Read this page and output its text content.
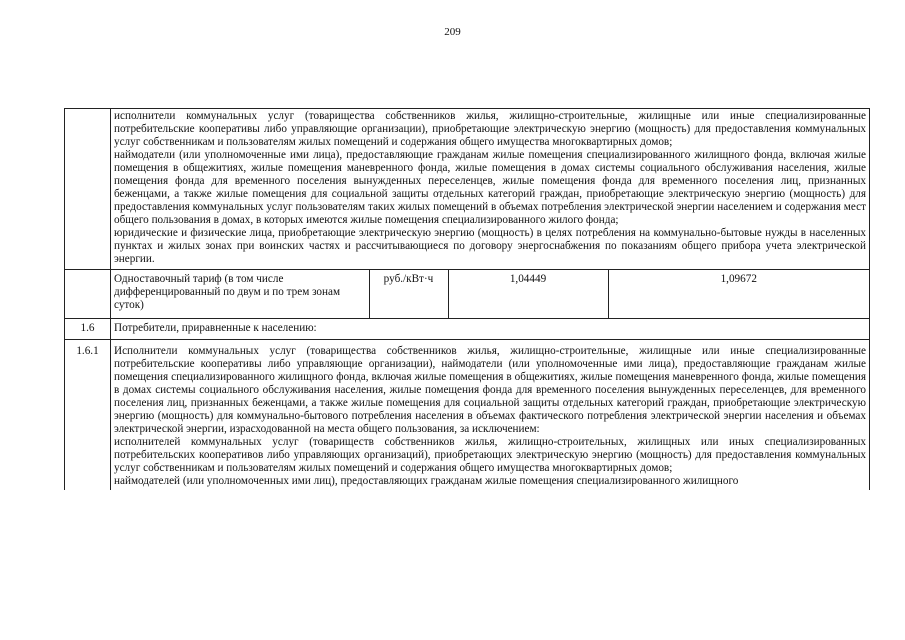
209

исполнители коммунальных услуг (товарищества собственников жилья, жилищно-строительные, жилищные или иные специализированные потребительские кооперативы либо управляющие организации), приобретающие электрическую энергию (мощность) для предоставления коммунальных услуг собственникам и пользователям жилых помещений и содержания общего имущества многоквартирных домов;

наймодатели (или уполномоченные ими лица), предоставляющие гражданам жилые помещения специализированного жилищного фонда, включая жилые помещения в общежитиях, жилые помещения маневренного фонда, жилые помещения в домах системы социального обслуживания населения, жилые помещения фонда для временного поселения вынужденных переселенцев, жилые помещения фонда для временного поселения лиц, признанных беженцами, а также жилые помещения для социальной защиты отдельных категорий граждан, приобретающие электрическую энергию (мощность) для предоставления коммунальных услуг пользователям таких жилых помещений в объемах потребления электрической энергии населением и содержания мест общего пользования в домах, в которых имеются жилые помещения специализированного жилого фонда;

юридические и физические лица, приобретающие электрическую энергию (мощность) в целях потребления на коммунально-бытовые нужды в населенных пунктах и жилых зонах при воинских частях и рассчитывающиеся по договору энергоснабжения по показаниям общего прибора учета электрической энергии.

Одноставочный тариф (в том числе дифференцированный по двум и по трем зонам суток)	руб./кВт·ч	1,04449	1,09672

1.6	Потребители, приравненные к населению:
1.6.1	Исполнители коммунальных услуг (товарищества собственников жилья, жилищно-строительные, жилищные или иные специализированные потребительские кооперативы либо управляющие организации), наймодатели (или уполномоченные ими лица), предоставляющие гражданам жилые помещения специализированного жилищного фонда, включая жилые помещения в общежитиях, жилые помещения маневренного фонда, жилые помещения в домах системы социального обслуживания населения, жилые помещения фонда для временного поселения вынужденных переселенцев, для временного поселения лиц, признанных беженцами, а также жилые помещения для социальной защиты отдельных категорий граждан, приобретающие электрическую энергию (мощность) для коммунально-бытового потребления населения в объемах фактического потребления электрической энергии населения и объемах электрической энергии, израсходованной на места общего пользования, за исключением:

исполнителей коммунальных услуг (товариществ собственников жилья, жилищно-строительных, жилищных или иных специализированных потребительских кооперативов либо управляющих организаций), приобретающих электрическую энергию (мощность) для предоставления коммунальных услуг собственникам и пользователям жилых помещений и содержания общего имущества многоквартирных домов;

наймодателей (или уполномоченных ими лиц), предоставляющих гражданам жилые помещения специализированного жилищного
